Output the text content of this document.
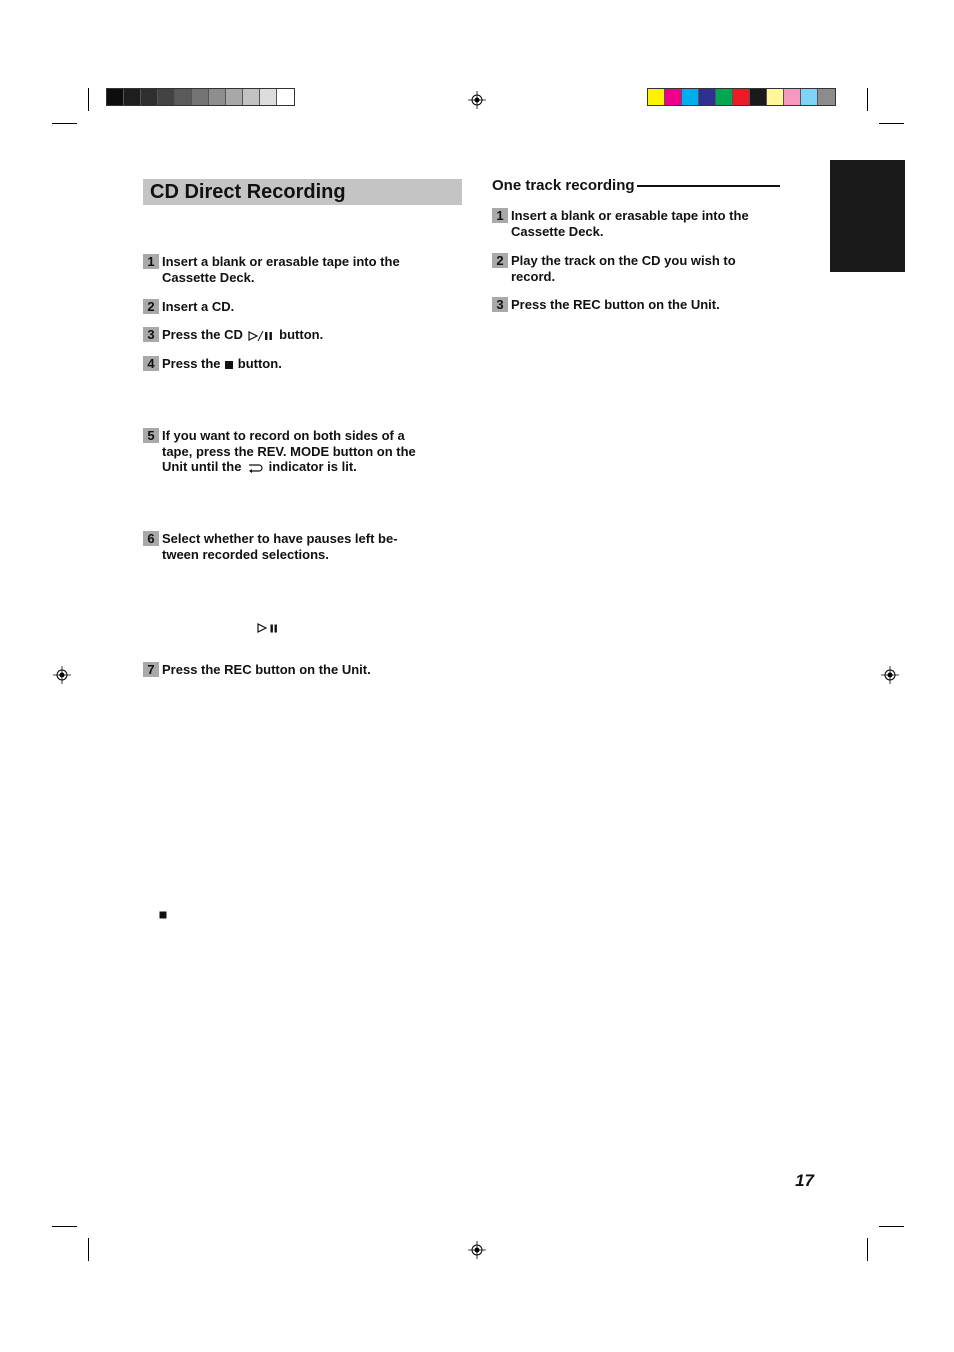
CD Direct Recording
1 Insert a blank or erasable tape into the
Cassette Deck.
2 Insert a CD.
3 Press the CD  button.
4 Press the  button.
5 If you want to record on both sides of a
tape, press the REV. MODE button on the
Unit until the  indicator is lit.
6 Select whether to have pauses left be-
tween recorded selections.
7 Press the REC button on the Unit.
One track recording
1 Insert a blank or erasable tape into the
Cassette Deck.
2 Play the track on the CD you wish to
record.
3 Press the REC button on the Unit.
17
